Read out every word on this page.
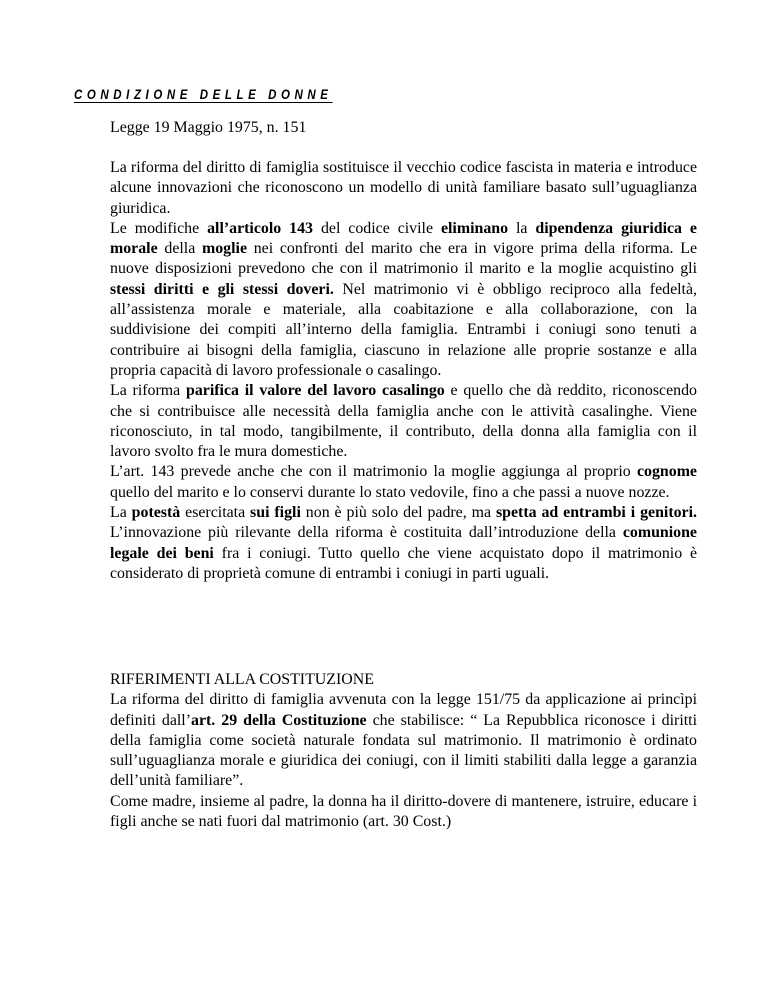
CONDIZIONE DELLE DONNE

Legge 19 Maggio 1975, n. 151

La riforma del diritto di famiglia sostituisce il vecchio codice fascista in materia e introduce alcune innovazioni che riconoscono un modello di unità familiare basato sull’uguaglianza giuridica.

Le modifiche all’articolo 143 del codice civile eliminano la dipendenza giuridica e morale della moglie nei confronti del marito che era in vigore prima della riforma. Le nuove disposizioni prevedono che con il matrimonio il marito e la moglie acquistino gli stessi diritti e gli stessi doveri. Nel matrimonio vi è obbligo reciproco alla fedeltà, all’assistenza morale e materiale, alla coabitazione e alla collaborazione, con la suddivisione dei compiti all’interno della famiglia. Entrambi i coniugi sono tenuti a contribuire ai bisogni della famiglia, ciascuno in relazione alle proprie sostanze e alla propria capacità di lavoro professionale o casalingo.

La riforma parifica il valore del lavoro casalingo e quello che dà reddito, riconoscendo che si contribuisce alle necessità della famiglia anche con le attività casalinghe. Viene riconosciuto, in tal modo, tangibilmente, il contributo, della donna alla famiglia con il lavoro svolto fra le mura domestiche.

L’art. 143 prevede anche che con il matrimonio la moglie aggiunga al proprio cognome quello del marito e lo conservi durante lo stato vedovile, fino a che passi a nuove nozze.

La potestà esercitata sui figli non è più solo del padre, ma spetta ad entrambi i genitori. L’innovazione più rilevante della riforma è costituita dall’introduzione della comunione legale dei beni fra i coniugi. Tutto quello che viene acquistato dopo il matrimonio è considerato di proprietà comune di entrambi i coniugi in parti uguali.

RIFERIMENTI ALLA COSTITUZIONE

La riforma del diritto di famiglia avvenuta con la legge 151/75 da applicazione ai princìpi definiti dall’art. 29 della Costituzione che stabilisce: “ La Repubblica riconosce i diritti della famiglia come società naturale fondata sul matrimonio. Il matrimonio è ordinato sull’uguaglianza morale e giuridica dei coniugi, con il limiti stabiliti dalla legge a garanzia dell’unità familiare”.

Come madre, insieme al padre, la donna ha il diritto-dovere di mantenere, istruire, educare i figli anche se nati fuori dal matrimonio (art. 30 Cost.)
